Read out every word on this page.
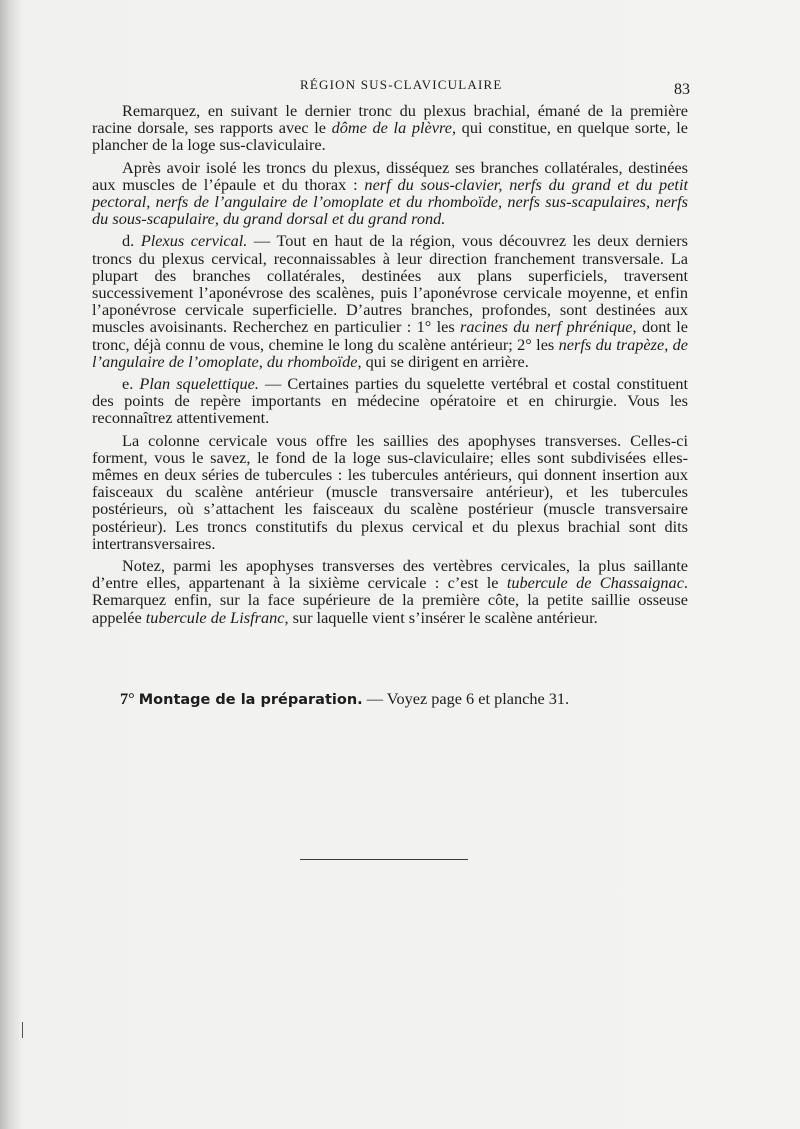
RÉGION SUS-CLAVICULAIRE	83

Remarquez, en suivant le dernier tronc du plexus brachial, émané de la première racine dorsale, ses rapports avec le dôme de la plèvre, qui constitue, en quelque sorte, le plancher de la loge sus-claviculaire.

Après avoir isolé les troncs du plexus, disséquez ses branches collatérales, destinées aux muscles de l’épaule et du thorax : nerf du sous-clavier, nerfs du grand et du petit pectoral, nerfs de l’angulaire de l’omoplate et du rhomboïde, nerfs sus-scapulaires, nerfs du sous-scapulaire, du grand dorsal et du grand rond.

d. Plexus cervical. — Tout en haut de la région, vous découvrez les deux derniers troncs du plexus cervical, reconnaissables à leur direction franchement transversale. La plupart des branches collatérales, destinées aux plans superficiels, traversent successivement l’aponévrose des scalènes, puis l’aponévrose cervicale moyenne, et enfin l’aponévrose cervicale superficielle. D’autres branches, profondes, sont destinées aux muscles avoisinants. Recherchez en particulier : 1° les racines du nerf phrénique, dont le tronc, déjà connu de vous, chemine le long du scalène antérieur; 2° les nerfs du trapèze, de l’angulaire de l’omoplate, du rhomboïde, qui se dirigent en arrière.

e. Plan squelettique. — Certaines parties du squelette vertébral et costal constituent des points de repère importants en médecine opératoire et en chirurgie. Vous les reconnaîtrez attentivement.

La colonne cervicale vous offre les saillies des apophyses transverses. Celles-ci forment, vous le savez, le fond de la loge sus-claviculaire; elles sont subdivisées elles-mêmes en deux séries de tubercules : les tubercules antérieurs, qui donnent insertion aux faisceaux du scalène antérieur (muscle transversaire antérieur), et les tubercules postérieurs, où s’attachent les faisceaux du scalène postérieur (muscle transversaire postérieur). Les troncs constitutifs du plexus cervical et du plexus brachial sont dits intertransversaires.

Notez, parmi les apophyses transverses des vertèbres cervicales, la plus saillante d’entre elles, appartenant à la sixième cervicale : c’est le tubercule de Chassaignac. Remarquez enfin, sur la face supérieure de la première côte, la petite saillie osseuse appelée tubercule de Lisfranc, sur laquelle vient s’insérer le scalène antérieur.

7° Montage de la préparation. — Voyez page 6 et planche 31.
